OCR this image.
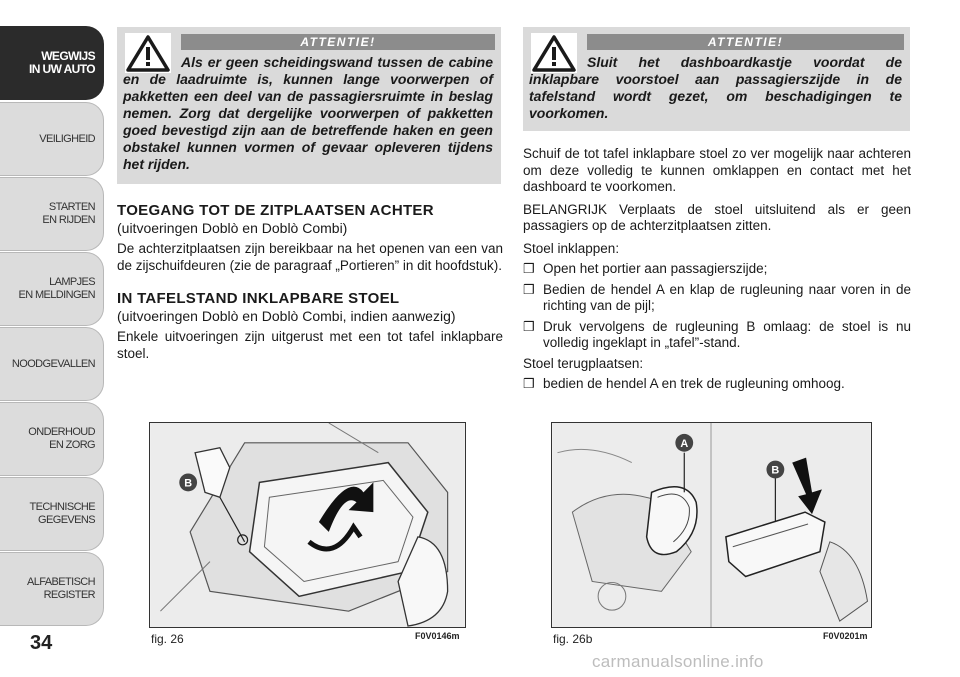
WEGWIJS
IN UW AUTO
VEILIGHEID
STARTEN
EN RIJDEN
LAMPJES
EN MELDINGEN
NOODGEVALLEN
ONDERHOUD
EN ZORG
TECHNISCHE
GEGEVENS
ALFABETISCH
REGISTER
34
ATTENTIE!
Als er geen scheidingswand tussen de cabine en de laadruimte is, kunnen lange voorwerpen of pakketten een deel van de passagiersruimte in beslag nemen. Zorg dat dergelijke voorwerpen of pakketten goed bevestigd zijn aan de betreffende haken en geen obstakel kunnen vormen of gevaar opleveren tijdens het rijden.
ATTENTIE!
Sluit het dashboardkastje voordat de inklapbare voorstoel aan passagierszijde in de tafelstand wordt gezet, om beschadigingen te voorkomen.
TOEGANG TOT DE ZITPLAATSEN ACHTER
(uitvoeringen Doblò en Doblò Combi)
De achterzitplaatsen zijn bereikbaar na het openen van een van de zijschuifdeuren (zie de paragraaf „Portieren” in dit hoofdstuk).
IN TAFELSTAND INKLAPBARE STOEL
(uitvoeringen Doblò en Doblò Combi, indien aanwezig)
Enkele uitvoeringen zijn uitgerust met een tot tafel inklapbare stoel.
Schuif de tot tafel inklapbare stoel zo ver mogelijk naar achteren om deze volledig te kunnen omklappen en contact met het dashboard te voorkomen.
BELANGRIJK Verplaats de stoel uitsluitend als er geen passagiers op de achterzitplaatsen zitten.
Stoel inklappen:
❒ Open het portier aan passagierszijde;
❒ Bedien de hendel A en klap de rugleuning naar voren in de richting van de pijl;
❒ Druk vervolgens de rugleuning B omlaag: de stoel is nu volledig ingeklapt in „tafel”-stand.
Stoel terugplaatsen:
❒ bedien de hendel A en trek de rugleuning omhoog.
B
fig. 26	F0V0146m
A
B
fig. 26b	F0V0201m
carmanualsonline.info
